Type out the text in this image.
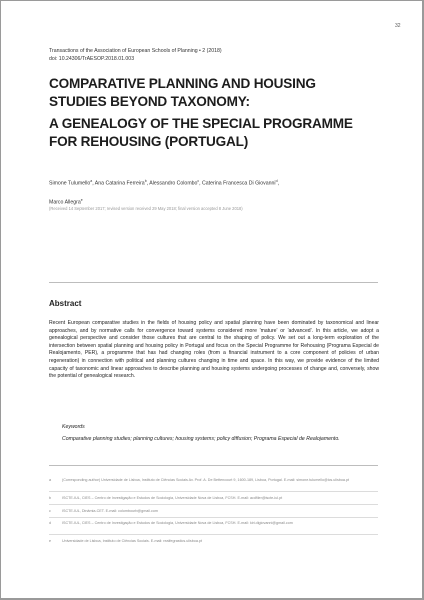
32
Transactions of the Association of European Schools of Planning • 2 (2018)
doi: 10.24306/TrAESOP.2018.01.003
COMPARATIVE PLANNING AND HOUSING
STUDIES BEYOND TAXONOMY:
A GENEALOGY OF THE SPECIAL PROGRAMME
FOR REHOUSING (PORTUGAL)
Simone Tulumello$^a$, Ana Catarina Ferreira$^b$, Alessandro Colombo$^c$, Caterina Francesca Di Giovanni$^d$,
Marco Allegra$^e$
(Received 14 September 2017; revised version received 29 May 2018; final version accepted 8 June 2018)
Abstract

Recent European comparative studies in the fields of housing policy and spatial planning have been dominated by taxonomical and linear approaches, and by normative calls for convergence toward systems considered more 'mature' or 'advanced'. In this article, we adopt a genealogical perspective and consider those cultures that are central to the shaping of policy. We set out a long-term exploration of the intersection between spatial planning and housing policy in Portugal and focus on the Special Programme for Rehousing (Programa Especial de Realojamento, PER), a programme that has had changing roles (from a financial instrument to a core component of policies of urban regeneration) in connection with political and planning cultures changing in time and space. In this way, we provide evidence of the limited capacity of taxonomic and linear approaches to describe planning and housing systems undergoing processes of change and, conversely, show the potential of genealogical research.

Keywords

Comparative planning studies; planning cultures; housing systems; policy diffusion; Programa Especial de Realojamento.

a	(Corresponding author) Universidade de Lisboa, Instituto de Ciências Sociais Av. Prof. A. De Bettencourt 9, 1600-189, Lisboa, Portugal. E-mail: simone.tulumello@ics.ulisboa.pt
b	ISCTE-IUL, CIES – Centro de Investigação e Estudos de Sociologia, Universidade Nova de Lisboa, FCSH. E-mail: acdfiler@iscte-iul.pt
c	ISCTE-IUL, Dinâmia-CET. E-mail: colombourb@gmail.com
d	ISCTE-IUL, CIES – Centro de Investigação e Estudos de Sociologia, Universidade Nova de Lisboa, FCSH. E-mail: kiri.digiovanni@gmail.com
e	Universidade de Lisboa, Instituto de Ciências Sociais. E-mail: realfegrastics.ulisboa.pt
